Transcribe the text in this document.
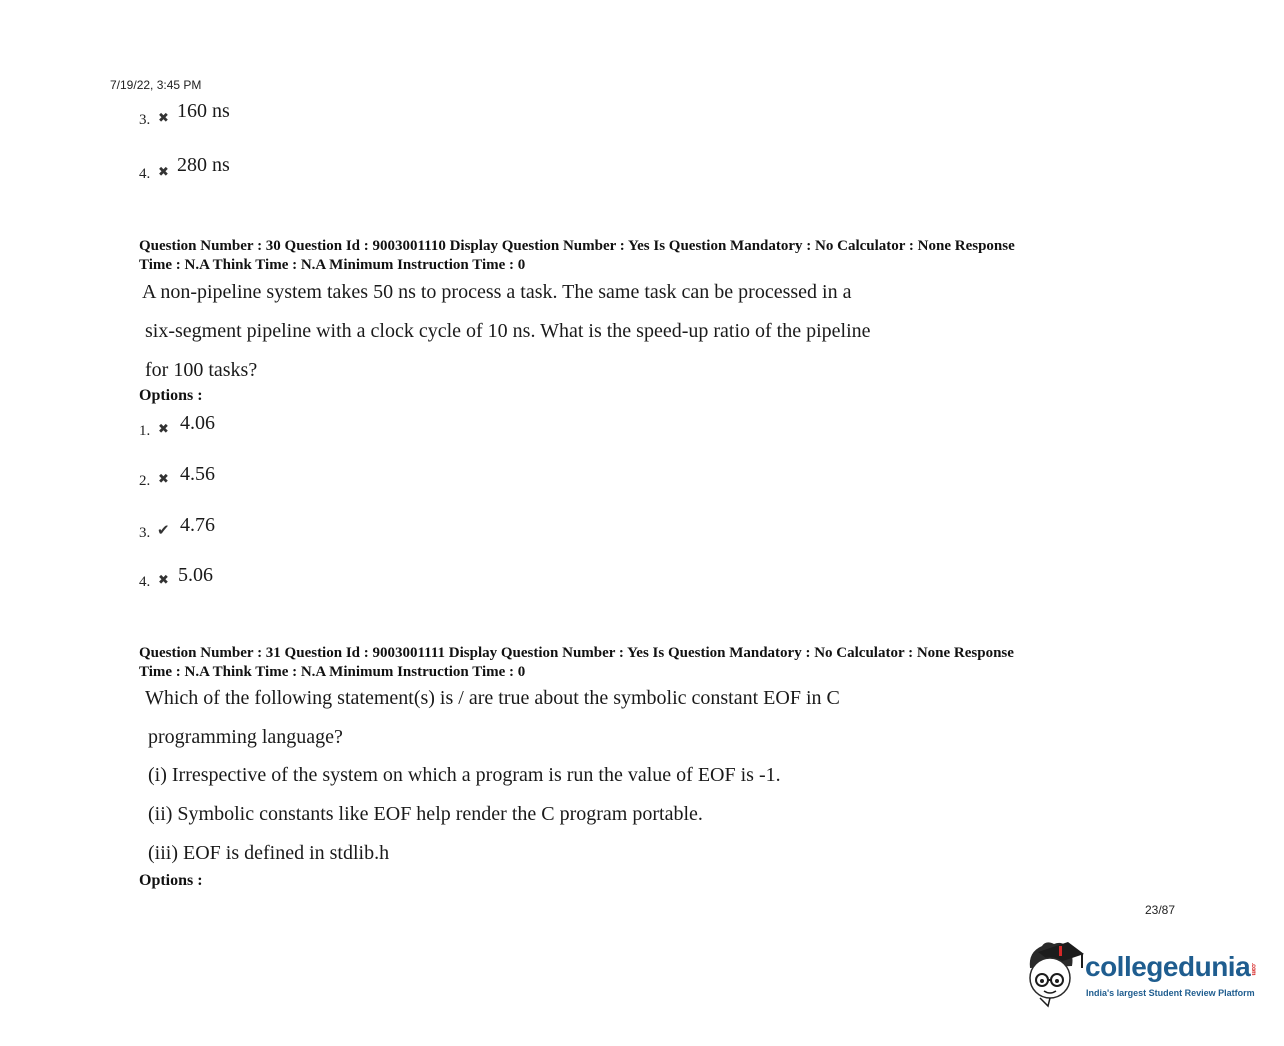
7/19/22, 3:45 PM
3. ✖ 160 ns
4. ✖ 280 ns
Question Number : 30 Question Id : 9003001110 Display Question Number : Yes Is Question Mandatory : No Calculator : None Response
Time : N.A Think Time : N.A Minimum Instruction Time : 0
A non-pipeline system takes 50 ns to process a task. The same task can be processed in a
six-segment pipeline with a clock cycle of 10 ns. What is the speed-up ratio of the pipeline
for 100 tasks?
Options :
1. ✖ 4.06
2. ✖ 4.56
3. ✔ 4.76
4. ✖ 5.06
Question Number : 31 Question Id : 9003001111 Display Question Number : Yes Is Question Mandatory : No Calculator : None Response
Time : N.A Think Time : N.A Minimum Instruction Time : 0
Which of the following statement(s) is / are true about the symbolic constant EOF in C
programming language?
(i) Irrespective of the system on which a program is run the value of EOF is -1.
(ii) Symbolic constants like EOF help render the C program portable.
(iii) EOF is defined in stdlib.h
Options :
23/87
collegedunia.com
India's largest Student Review Platform
